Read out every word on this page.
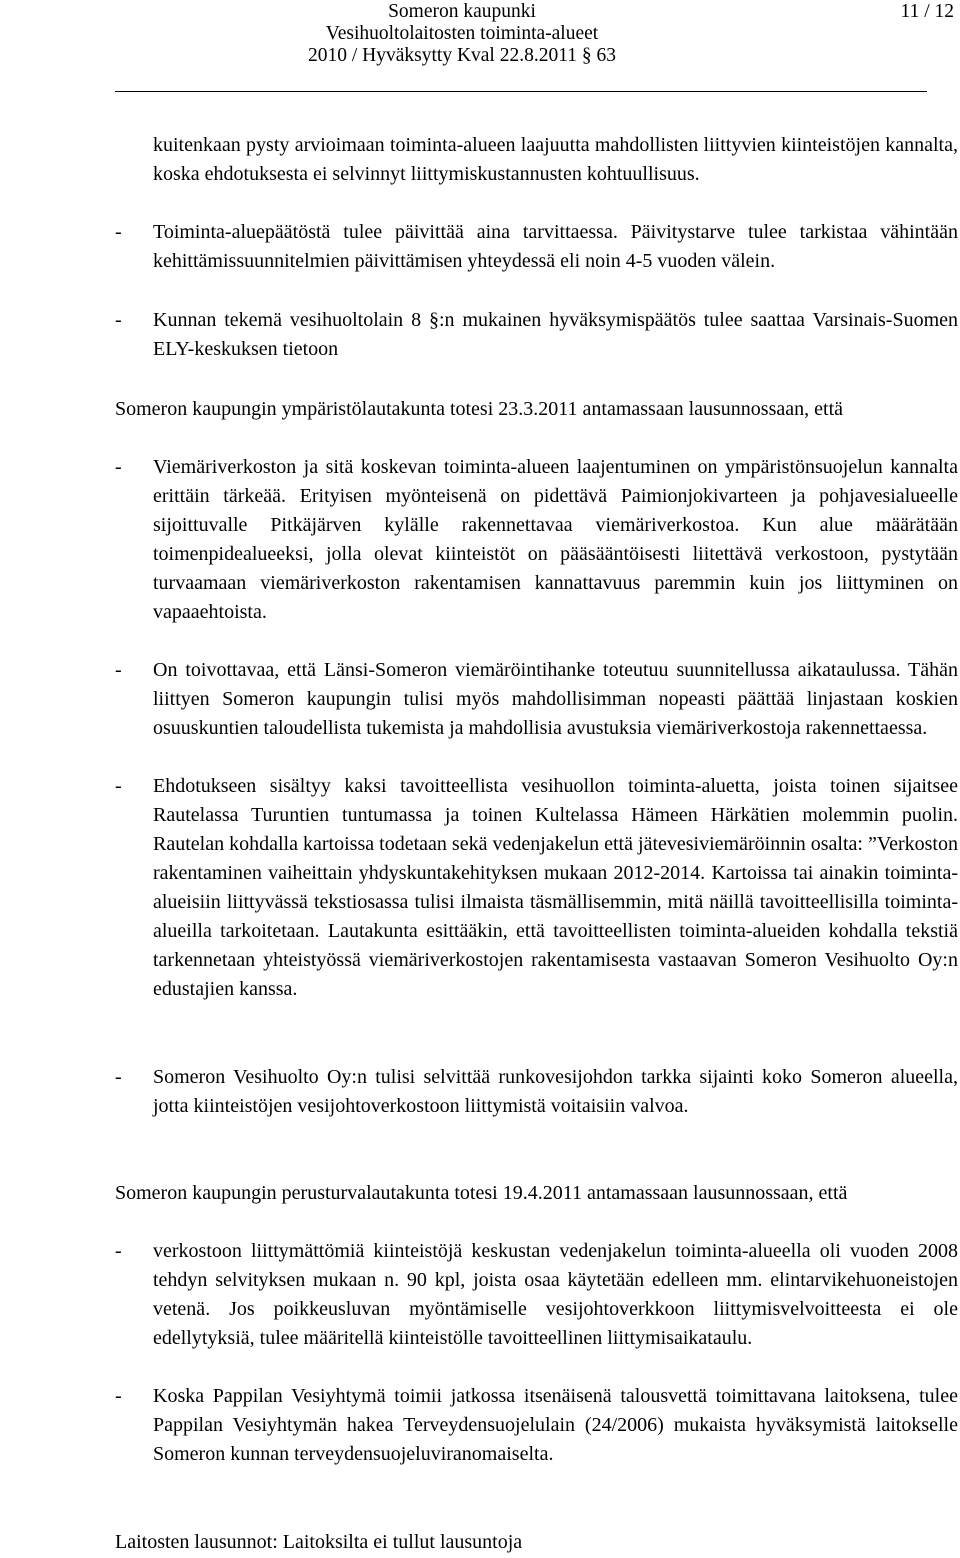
Someron kaupunki
Vesihuoltolaitosten toiminta-alueet
2010 / Hyväksytty Kval 22.8.2011 § 63
11 / 12
kuitenkaan pysty arvioimaan toiminta-alueen laajuutta mahdollisten liittyvien kiinteistöjen kannalta, koska ehdotuksesta ei selvinnyt liittymiskustannusten kohtuullisuus.
- Toiminta-aluepäätöstä tulee päivittää aina tarvittaessa. Päivitystarve tulee tarkistaa vähintään kehittämissuunnitelmien päivittämisen yhteydessä eli noin 4-5 vuoden välein.
- Kunnan tekemä vesihuoltolain 8 §:n mukainen hyväksymispäätös tulee saattaa Varsinais-Suomen ELY-keskuksen tietoon
Someron kaupungin ympäristölautakunta totesi 23.3.2011 antamassaan lausunnossaan, että
- Viemäriverkoston ja sitä koskevan toiminta-alueen laajentuminen on ympäristönsuojelun kannalta erittäin tärkeää. Erityisen myönteisenä on pidettävä Paimionjokivarteen ja pohjavesialueelle sijoittuvalle Pitkäjärven kylälle rakennettavaa viemäriverkostoa. Kun alue määrätään toimenpidealueeksi, jolla olevat kiinteistöt on pääsääntöisesti liitettävä verkostoon, pystytään turvaamaan viemäriverkoston rakentamisen kannattavuus paremmin kuin jos liittyminen on vapaaehtoista.
- On toivottavaa, että Länsi-Someron viemäröintihanke toteutuu suunnitellussa aikataulussa. Tähän liittyen Someron kaupungin tulisi myös mahdollisimman nopeasti päättää linjastaan koskien osuuskuntien taloudellista tukemista ja mahdollisia avustuksia viemäriverkostoja rakennettaessa.
- Ehdotukseen sisältyy kaksi tavoitteellista vesihuollon toiminta-aluetta, joista toinen sijaitsee Rautelassa Turuntien tuntumassa ja toinen Kultelassa Hämeen Härkätien molemmin puolin. Rautelan kohdalla kartoissa todetaan sekä vedenjakelun että jätevesiviemäröinnin osalta: ”Verkoston rakentaminen vaiheittain yhdyskuntakehityksen mukaan 2012-2014. Kartoissa tai ainakin toiminta-alueisiin liittyvässä tekstiosassa tulisi ilmaista täsmällisemmin, mitä näillä tavoitteellisilla toiminta-alueilla tarkoitetaan. Lautakunta esittääkin, että tavoitteellisten toiminta-alueiden kohdalla tekstiä tarkennetaan yhteistyössä viemäriverkostojen rakentamisesta vastaavan Someron Vesihuolto Oy:n edustajien kanssa.
- Someron Vesihuolto Oy:n tulisi selvittää runkovesijohdon tarkka sijainti koko Someron alueella, jotta kiinteistöjen vesijohtoverkostoon liittymistä voitaisiin valvoa.
Someron kaupungin perusturvalautakunta totesi 19.4.2011 antamassaan lausunnossaan, että
- verkostoon liittymättömiä kiinteistöjä keskustan vedenjakelun toiminta-alueella oli vuoden 2008 tehdyn selvityksen mukaan n. 90 kpl, joista osaa käytetään edelleen mm. elintarvikehuoneistojen vetenä. Jos poikkeusluvan myöntämiselle vesijohtoverkkoon liittymisvelvoitteesta ei ole edellytyksiä, tulee määritellä kiinteistölle tavoitteellinen liittymisaikataulu.
- Koska Pappilan Vesiyhtymä toimii jatkossa itsenäisenä talousvettä toimittavana laitoksena, tulee Pappilan Vesiyhtymän hakea Terveydensuojelulain (24/2006) mukaista hyväksymistä laitokselle Someron kunnan terveydensuojeluviranomaiselta.
Laitosten lausunnot: Laitoksilta ei tullut lausuntoja
